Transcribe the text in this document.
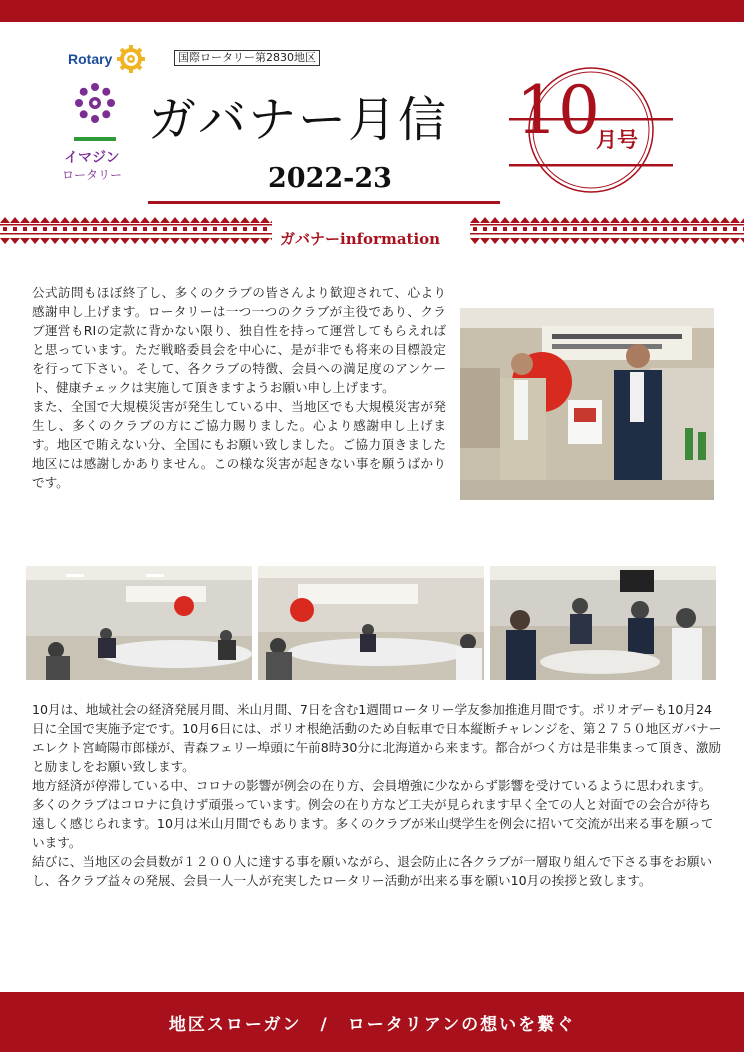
Rotary	国際ロータリー第2830地区
イマジン
ロータリー
ガバナー月信
2022-23
10
月号
ガバナーinformation

公式訪問もほぼ終了し、多くのクラブの皆さんより歓迎されて、心より感謝申し上げます。ロータリーは一つ一つのクラブが主役であり、クラブ運営もRIの定款に背かない限り、独自性を持って運営してもらえればと思っています。ただ戦略委員会を中心に、是が非でも将来の目標設定を行って下さい。そして、各クラブの特徴、会員への満足度のアンケート、健康チェックは実施して頂きますようお願い申し上げます。
また、全国で大規模災害が発生している中、当地区でも大規模災害が発生し、多くのクラブの方にご協力賜りました。心より感謝申し上げます。地区で賄えない分、全国にもお願い致しました。ご協力頂きました地区には感謝しかありません。この様な災害が起きない事を願うばかりです。

10月は、地域社会の経済発展月間、米山月間、7日を含む1週間ロータリー学友参加推進月間です。ポリオデーも10月24日に全国で実施予定です。10月6日には、ポリオ根絶活動のため自転車で日本縦断チャレンジを、第２７５０地区ガバナーエレクト宮崎陽市郎様が、青森フェリー埠頭に午前8時30分に北海道から来ます。都合がつく方は是非集まって頂き、激励と励ましをお願い致します。
地方経済が停滞している中、コロナの影響が例会の在り方、会員増強に少なからず影響を受けているように思われます。多くのクラブはコロナに負けず頑張っています。例会の在り方など工夫が見られます早く全ての人と対面での会合が待ち遠しく感じられます。10月は米山月間でもあります。多くのクラブが米山奨学生を例会に招いて交流が出来る事を願っています。
結びに、当地区の会員数が１２００人に達する事を願いながら、退会防止に各クラブが一層取り組んで下さる事をお願いし、各クラブ益々の発展、会員一人一人が充実したロータリー活動が出来る事を願い10月の挨拶と致します。

地区スローガン　/　ロータリアンの想いを繋ぐ
